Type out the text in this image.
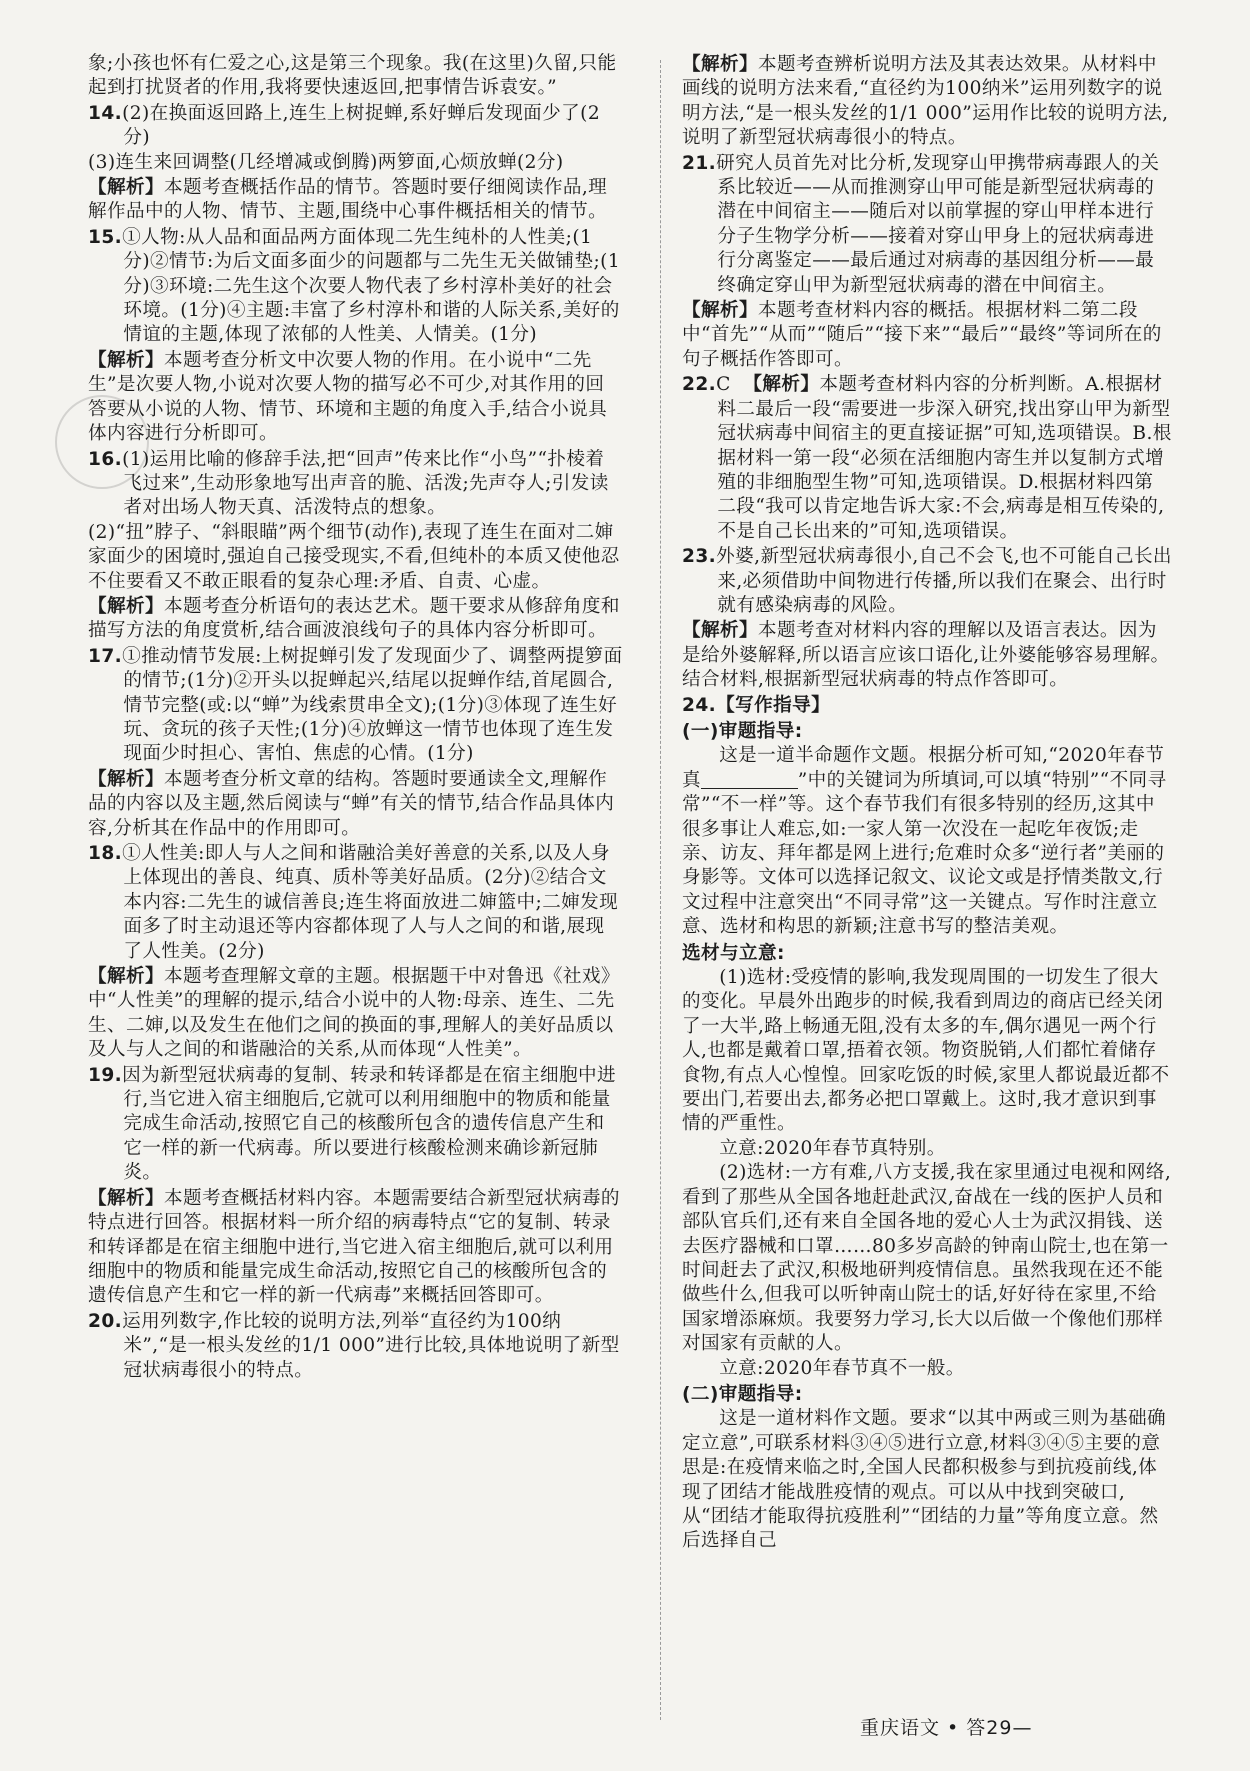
象;小孩也怀有仁爱之心,这是第三个现象。我(在这里)久留,只能起到打扰贤者的作用,我将要快速返回,把事情告诉袁安。”

14.(2)在换面返回路上,连生上树捉蝉,系好蝉后发现面少了(2分)

(3)连生来回调整(几经增减或倒腾)两箩面,心烦放蝉(2分)

【解析】本题考查概括作品的情节。答题时要仔细阅读作品,理解作品中的人物、情节、主题,围绕中心事件概括相关的情节。

15.①人物:从人品和面品两方面体现二先生纯朴的人性美;(1分)②情节:为后文面多面少的问题都与二先生无关做铺垫;(1分)③环境:二先生这个次要人物代表了乡村淳朴美好的社会环境。(1分)④主题:丰富了乡村淳朴和谐的人际关系,美好的情谊的主题,体现了浓郁的人性美、人情美。(1分)

【解析】本题考查分析文中次要人物的作用。在小说中“二先生”是次要人物,小说对次要人物的描写必不可少,对其作用的回答要从小说的人物、情节、环境和主题的角度入手,结合小说具体内容进行分析即可。

16.(1)运用比喻的修辞手法,把“回声”传来比作“小鸟”“扑棱着飞过来”,生动形象地写出声音的脆、活泼;先声夺人;引发读者对出场人物天真、活泼特点的想象。

(2)“扭”脖子、“斜眼瞄”两个细节(动作),表现了连生在面对二婶家面少的困境时,强迫自己接受现实,不看,但纯朴的本质又使他忍不住要看又不敢正眼看的复杂心理:矛盾、自责、心虚。

【解析】本题考查分析语句的表达艺术。题干要求从修辞角度和描写方法的角度赏析,结合画波浪线句子的具体内容分析即可。

17.①推动情节发展:上树捉蝉引发了发现面少了、调整两提箩面的情节;(1分)②开头以捉蝉起兴,结尾以捉蝉作结,首尾圆合,情节完整(或:以“蝉”为线索贯串全文);(1分)③体现了连生好玩、贪玩的孩子天性;(1分)④放蝉这一情节也体现了连生发现面少时担心、害怕、焦虑的心情。(1分)

【解析】本题考查分析文章的结构。答题时要通读全文,理解作品的内容以及主题,然后阅读与“蝉”有关的情节,结合作品具体内容,分析其在作品中的作用即可。

18.①人性美:即人与人之间和谐融洽美好善意的关系,以及人身上体现出的善良、纯真、质朴等美好品质。(2分)②结合文本内容:二先生的诚信善良;连生将面放进二婶篮中;二婶发现面多了时主动退还等内容都体现了人与人之间的和谐,展现了人性美。(2分)

【解析】本题考查理解文章的主题。根据题干中对鲁迅《社戏》中“人性美”的理解的提示,结合小说中的人物:母亲、连生、二先生、二婶,以及发生在他们之间的换面的事,理解人的美好品质以及人与人之间的和谐融洽的关系,从而体现“人性美”。

19.因为新型冠状病毒的复制、转录和转译都是在宿主细胞中进行,当它进入宿主细胞后,它就可以利用细胞中的物质和能量完成生命活动,按照它自己的核酸所包含的遗传信息产生和它一样的新一代病毒。所以要进行核酸检测来确诊新冠肺炎。

【解析】本题考查概括材料内容。本题需要结合新型冠状病毒的特点进行回答。根据材料一所介绍的病毒特点“它的复制、转录和转译都是在宿主细胞中进行,当它进入宿主细胞后,就可以利用细胞中的物质和能量完成生命活动,按照它自己的核酸所包含的遗传信息产生和它一样的新一代病毒”来概括回答即可。

20.运用列数字,作比较的说明方法,列举“直径约为100纳米”,“是一根头发丝的1/1 000”进行比较,具体地说明了新型冠状病毒很小的特点。

【解析】本题考查辨析说明方法及其表达效果。从材料中画线的说明方法来看,“直径约为100纳米”运用列数字的说明方法,“是一根头发丝的1/1 000”运用作比较的说明方法,说明了新型冠状病毒很小的特点。

21.研究人员首先对比分析,发现穿山甲携带病毒跟人的关系比较近——从而推测穿山甲可能是新型冠状病毒的潜在中间宿主——随后对以前掌握的穿山甲样本进行分子生物学分析——接着对穿山甲身上的冠状病毒进行分离鉴定——最后通过对病毒的基因组分析——最终确定穿山甲为新型冠状病毒的潜在中间宿主。

【解析】本题考查材料内容的概括。根据材料二第二段中“首先”“从而”“随后”“接下来”“最后”“最终”等词所在的句子概括作答即可。

22.C 【解析】本题考查材料内容的分析判断。A.根据材料二最后一段“需要进一步深入研究,找出穿山甲为新型冠状病毒中间宿主的更直接证据”可知,选项错误。B.根据材料一第一段“必须在活细胞内寄生并以复制方式增殖的非细胞型生物”可知,选项错误。D.根据材料四第二段“我可以肯定地告诉大家:不会,病毒是相互传染的,不是自己长出来的”可知,选项错误。

23.外婆,新型冠状病毒很小,自己不会飞,也不可能自己长出来,必须借助中间物进行传播,所以我们在聚会、出行时就有感染病毒的风险。

【解析】本题考查对材料内容的理解以及语言表达。因为是给外婆解释,所以语言应该口语化,让外婆能够容易理解。结合材料,根据新型冠状病毒的特点作答即可。

24.【写作指导】

(一)审题指导:

这是一道半命题作文题。根据分析可知,“2020年春节真	”中的关键词为所填词,可以填“特别”“不同寻常”“不一样”等。这个春节我们有很多特别的经历,这其中很多事让人难忘,如:一家人第一次没在一起吃年夜饭;走亲、访友、拜年都是网上进行;危难时众多“逆行者”美丽的身影等。文体可以选择记叙文、议论文或是抒情类散文,行文过程中注意突出“不同寻常”这一关键点。写作时注意立意、选材和构思的新颖;注意书写的整洁美观。

选材与立意:

(1)选材:受疫情的影响,我发现周围的一切发生了很大的变化。早晨外出跑步的时候,我看到周边的商店已经关闭了一大半,路上畅通无阻,没有太多的车,偶尔遇见一两个行人,也都是戴着口罩,捂着衣领。物资脱销,人们都忙着储存食物,有点人心惶惶。回家吃饭的时候,家里人都说最近都不要出门,若要出去,都务必把口罩戴上。这时,我才意识到事情的严重性。

立意:2020年春节真特别。

(2)选材:一方有难,八方支援,我在家里通过电视和网络,看到了那些从全国各地赶赴武汉,奋战在一线的医护人员和部队官兵们,还有来自全国各地的爱心人士为武汉捐钱、送去医疗器械和口罩……80多岁高龄的钟南山院士,也在第一时间赶去了武汉,积极地研判疫情信息。虽然我现在还不能做些什么,但我可以听钟南山院士的话,好好待在家里,不给国家增添麻烦。我要努力学习,长大以后做一个像他们那样对国家有贡献的人。

立意:2020年春节真不一般。

(二)审题指导:

这是一道材料作文题。要求“以其中两或三则为基础确定立意”,可联系材料③④⑤进行立意,材料③④⑤主要的意思是:在疫情来临之时,全国人民都积极参与到抗疫前线,体现了团结才能战胜疫情的观点。可以从中找到突破口,从“团结才能取得抗疫胜利”“团结的力量”等角度立意。然后选择自己

重庆语文 • 答29—
